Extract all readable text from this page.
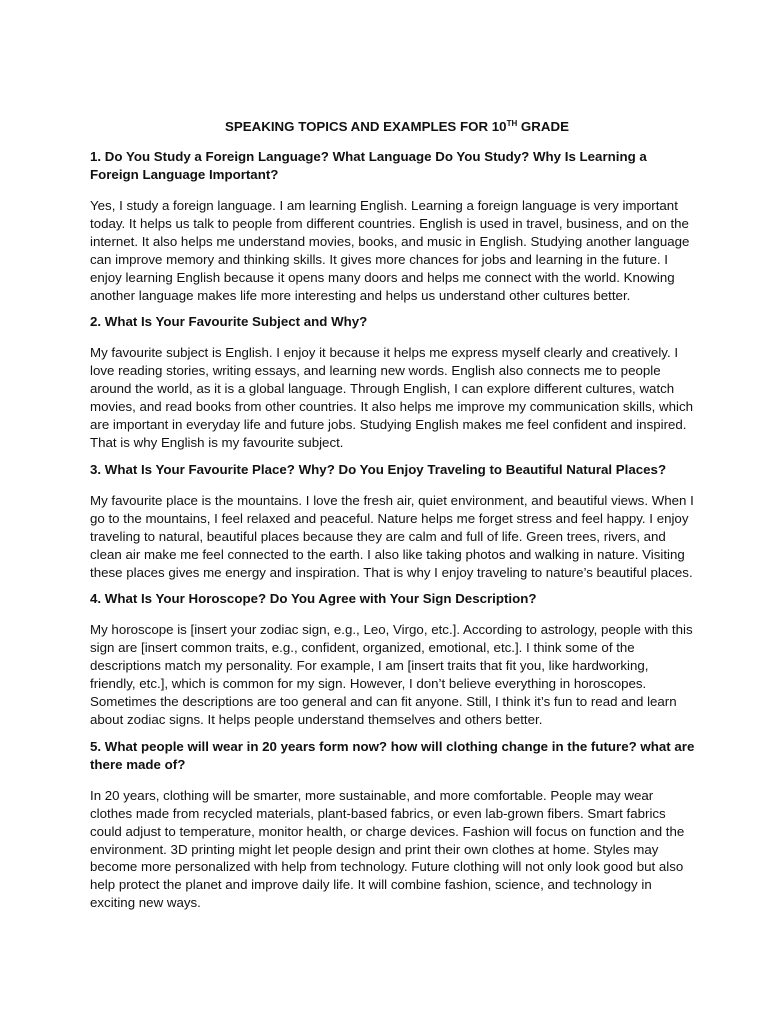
SPEAKING TOPICS AND EXAMPLES FOR 10TH GRADE

1. Do You Study a Foreign Language? What Language Do You Study? Why Is Learning a Foreign Language Important?

Yes, I study a foreign language. I am learning English. Learning a foreign language is very important today. It helps us talk to people from different countries. English is used in travel, business, and on the internet. It also helps me understand movies, books, and music in English. Studying another language can improve memory and thinking skills. It gives more chances for jobs and learning in the future. I enjoy learning English because it opens many doors and helps me connect with the world. Knowing another language makes life more interesting and helps us understand other cultures better.

2. What Is Your Favourite Subject and Why?

My favourite subject is English. I enjoy it because it helps me express myself clearly and creatively. I love reading stories, writing essays, and learning new words. English also connects me to people around the world, as it is a global language. Through English, I can explore different cultures, watch movies, and read books from other countries. It also helps me improve my communication skills, which are important in everyday life and future jobs. Studying English makes me feel confident and inspired. That is why English is my favourite subject.

3. What Is Your Favourite Place? Why? Do You Enjoy Traveling to Beautiful Natural Places?

My favourite place is the mountains. I love the fresh air, quiet environment, and beautiful views. When I go to the mountains, I feel relaxed and peaceful. Nature helps me forget stress and feel happy. I enjoy traveling to natural, beautiful places because they are calm and full of life. Green trees, rivers, and clean air make me feel connected to the earth. I also like taking photos and walking in nature. Visiting these places gives me energy and inspiration. That is why I enjoy traveling to nature’s beautiful places.

4. What Is Your Horoscope? Do You Agree with Your Sign Description?

My horoscope is [insert your zodiac sign, e.g., Leo, Virgo, etc.]. According to astrology, people with this sign are [insert common traits, e.g., confident, organized, emotional, etc.]. I think some of the descriptions match my personality. For example, I am [insert traits that fit you, like hardworking, friendly, etc.], which is common for my sign. However, I don’t believe everything in horoscopes. Sometimes the descriptions are too general and can fit anyone. Still, I think it’s fun to read and learn about zodiac signs. It helps people understand themselves and others better.

5. What people will wear in 20 years form now? how will clothing change in the future? what are there made of?

In 20 years, clothing will be smarter, more sustainable, and more comfortable. People may wear clothes made from recycled materials, plant-based fabrics, or even lab-grown fibers. Smart fabrics could adjust to temperature, monitor health, or charge devices. Fashion will focus on function and the environment. 3D printing might let people design and print their own clothes at home. Styles may become more personalized with help from technology. Future clothing will not only look good but also help protect the planet and improve daily life. It will combine fashion, science, and technology in exciting new ways.
